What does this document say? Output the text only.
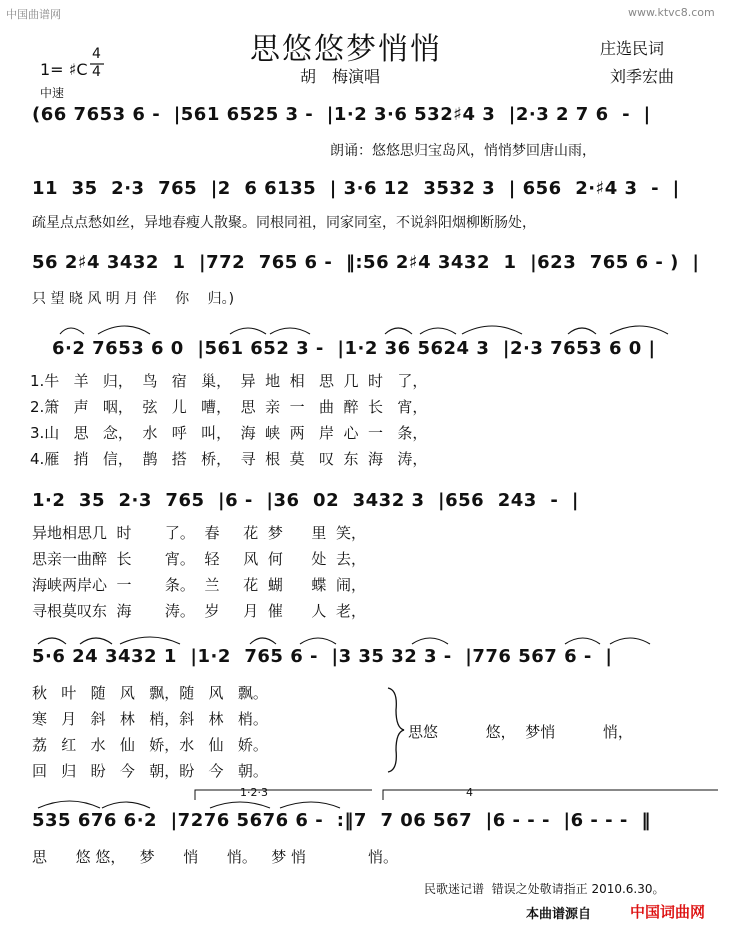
中国曲谱网	www.ktvc8.com
思悠悠梦悄悄	庄选民词
刘季宏曲
胡　梅演唱
1= ♯C
4
4
中速
(66 7653 6 -  |561 6525 3 -  |1·2 3·6 532♯4 3  |2·3 2 7 6  -  |
朗诵：悠悠思归宝岛风，悄悄梦回唐山雨，
11  35  2·3  765  |2  6 6135  | 3·6 12  3532 3  | 656  2·♯4 3  -  |
疏星点点愁如丝，异地春瘦人散聚。同根同祖，同家同室，不说斜阳烟柳断肠处，
56 2♯4 3432  1  |772  765 6 -  ‖:56 2♯4 3432  1  |623  765 6 - )  |
只 望 晓 风 明 月 伴　 你　 归。)
6·2 7653 6 0  |561 652 3 -  |1·2 36 5624 3  |2·3 7653 6 0 |
1.牛   羊   归，  鸟   宿   巢，  异  地  相   思  几  时   了，
2.箫   声   咽，  弦   儿   嘈，  思  亲  一   曲  醉  长   宵，
3.山   思   念，  水   呼   叫，  海  峡  两   岸  心  一   条，
4.雁   捎   信，  鹊   搭   桥，  寻  根  莫   叹  东  海   涛，
1·2  35  2·3  765  |6 -  |36  02  3432 3  |656  243  -  |
异地相思几  时       了。  春     花  梦      里  笑，
思亲一曲醉  长       宵。  轻     风  何      处  去，
海峡两岸心  一       条。  兰     花  蝴      蝶  闹，
寻根莫叹东  海       涛。  岁     月  催      人  老，
5·6 24 3432 1  |1·2  765 6 -  |3 35 32 3 -  |776 567 6 -  |
秋   叶   随   风   飘，随   风   飘。
寒   月   斜   林   梢，斜   林   梢。
荔   红   水   仙   娇，水   仙   娇。
回   归   盼   今   朝，盼   今   朝。
思悠          悠，  梦悄          悄，
1·2·3	4
535 676 6·2  |7276 5676 6 -  :‖7  7 06 567  |6 - - -  |6 - - -  ‖
思      悠 悠，   梦      悄      悄。   梦 悄             悄。
民歌迷记谱  错误之处敬请指正 2010.6.30。
本曲谱源自	中国词曲网
